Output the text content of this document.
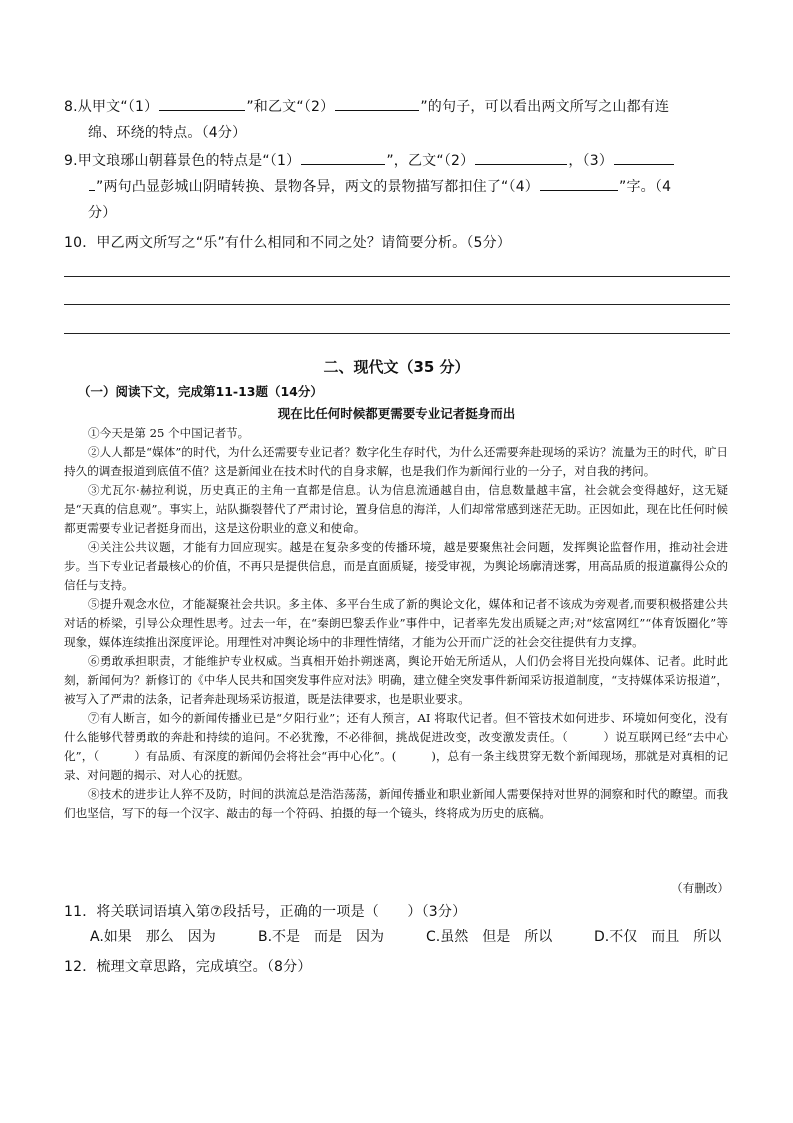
8.从甲文“（1）	”和乙文“（2）	”的句子，可以看出两文所写之山都有连
绵、环绕的特点。（4分）
9.甲文琅琊山朝暮景色的特点是“（1）	”，乙文“（2）	，（3）
”两句凸显彭城山阴晴转换、景物各异，两文的景物描写都扣住了“（4）	”字。（4
分）
10．甲乙两文所写之“乐”有什么相同和不同之处？请简要分析。（5分）
二、现代文（35 分）
（一）阅读下文，完成第11-13题（14分）
现在比任何时候都更需要专业记者挺身而出

①今天是第 25 个中国记者节。

②人人都是“媒体”的时代，为什么还需要专业记者？数字化生存时代，为什么还需要奔赴现场的采访？流量为王的时代，旷日持久的调查报道到底值不值？这是新闻业在技术时代的自身求解，也是我们作为新闻行业的一分子，对自我的拷问。

③尤瓦尔·赫拉利说，历史真正的主角一直都是信息。认为信息流通越自由，信息数量越丰富，社会就会变得越好，这无疑是“天真的信息观”。事实上，站队撕裂替代了严肃讨论，置身信息的海洋，人们却常常感到迷茫无助。正因如此，现在比任何时候都更需要专业记者挺身而出，这是这份职业的意义和使命。

④关注公共议题，才能有力回应现实。越是在复杂多变的传播环境，越是要聚焦社会问题，发挥舆论监督作用，推动社会进步。当下专业记者最核心的价值，不再只是提供信息，而是直面质疑，接受审视，为舆论场廓清迷雾，用高品质的报道赢得公众的信任与支持。

⑤提升观念水位，才能凝聚社会共识。多主体、多平台生成了新的舆论文化，媒体和记者不该成为旁观者,而要积极搭建公共对话的桥梁，引导公众理性思考。过去一年，在“秦朗巴黎丢作业”事件中，记者率先发出质疑之声;对“炫富网红”“体育饭圈化”等现象，媒体连续推出深度评论。用理性对冲舆论场中的非理性情绪，才能为公开而广泛的社会交往提供有力支撑。

⑥勇敢承担职责，才能维护专业权威。当真相开始扑朔迷离，舆论开始无所适从，人们仍会将目光投向媒体、记者。此时此刻，新闻何为？新修订的《中华人民共和国突发事件应对法》明确，建立健全突发事件新闻采访报道制度，“支持媒体采访报道”，被写入了严肃的法条，记者奔赴现场采访报道，既是法律要求，也是职业要求。

⑦有人断言，如今的新闻传播业已是“夕阳行业”；还有人预言，AI 将取代记者。但不管技术如何进步、环境如何变化，没有什么能够代替勇敢的奔赴和持续的追问。不必犹豫，不必徘徊，挑战促进改变，改变激发责任。（　　　）说互联网已经“去中心化”，（　　　）有品质、有深度的新闻仍会将社会“再中心化”。(　　　)，总有一条主线贯穿无数个新闻现场，那就是对真相的记录、对问题的揭示、对人心的抚慰。

⑧技术的进步让人猝不及防，时间的洪流总是浩浩荡荡，新闻传播业和职业新闻人需要保持对世界的洞察和时代的瞭望。而我们也坚信，写下的每一个汉字、敲击的每一个符码、拍摄的每一个镜头，终将成为历史的底稿。

（有删改）
11．将关联词语填入第⑦段括号，正确的一项是（　　）（3分）
A.如果　那么　因为	B.不是　而是　因为	C.虽然　但是　所以	D.不仅　而且　所以
12．梳理文章思路，完成填空。（8分）
